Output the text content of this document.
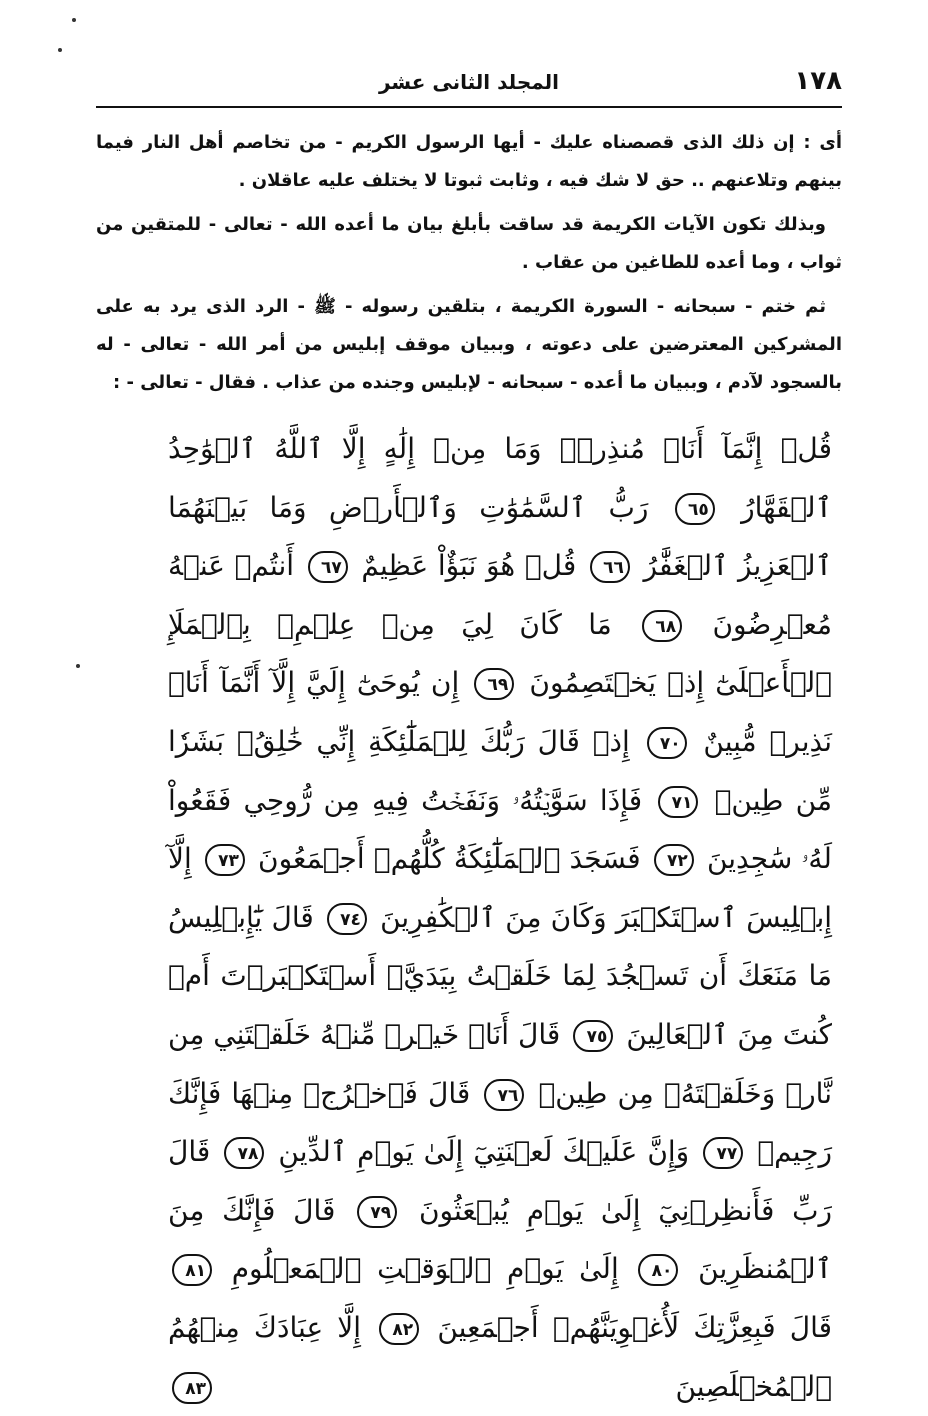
١٧٨
المجلد الثانى عشر

أى : إن ذلك الذى قصصناه عليك - أيها الرسول الكريم - من تخاصم أهل النار فيما بينهم وتلاعنهم .. حق لا شك فيه ، وثابت ثبوتا لا يختلف عليه عاقلان .

وبذلك تكون الآيات الكريمة قد ساقت بأبلغ بيان ما أعده الله - تعالى - للمتقين من ثواب ، وما أعده للطاغين من عقاب .

ثم ختم - سبحانه - السورة الكريمة ، بتلقين رسوله - ﷺ - الرد الذى يرد به على المشركين المعترضين على دعوته ، وببيان موقف إبليس من أمر الله - تعالى - له بالسجود لآدم ، وببيان ما أعده - سبحانه - لإبليس وجنده من عذاب . فقال - تعالى - :

قُلۡ إِنَّمَآ أَنَا۠ مُنذِرٞۖ وَمَا مِنۡ إِلَٰهٍ إِلَّا ٱللَّهُ ٱلۡوَٰحِدُ ٱلۡقَهَّارُ ٦٥ رَبُّ ٱلسَّمَٰوَٰتِ وَٱلۡأَرۡضِ وَمَا بَيۡنَهُمَا ٱلۡعَزِيزُ ٱلۡغَفَّٰرُ ٦٦ قُلۡ هُوَ نَبَؤٌاْ عَظِيمٌ ٦٧ أَنتُمۡ عَنۡهُ مُعۡرِضُونَ ٦٨ مَا كَانَ لِيَ مِنۡ عِلۡمِۭ بِٱلۡمَلَإِ ٱلۡأَعۡلَىٰٓ إِذۡ يَخۡتَصِمُونَ ٦٩ إِن يُوحَىٰٓ إِلَيَّ إِلَّآ أَنَّمَآ أَنَا۠ نَذِيرٞ مُّبِينٌ ٧٠ إِذۡ قَالَ رَبُّكَ لِلۡمَلَٰٓئِكَةِ إِنِّي خَٰلِقُۢ بَشَرٗا مِّن طِينٖ ٧١ فَإِذَا سَوَّيۡتُهُۥ وَنَفَخۡتُ فِيهِ مِن رُّوحِي فَقَعُواْ لَهُۥ سَٰجِدِينَ ٧٢ فَسَجَدَ ٱلۡمَلَٰٓئِكَةُ كُلُّهُمۡ أَجۡمَعُونَ ٧٣ إِلَّآ إِبۡلِيسَ ٱسۡتَكۡبَرَ وَكَانَ مِنَ ٱلۡكَٰفِرِينَ ٧٤ قَالَ يَٰٓإِبۡلِيسُ مَا مَنَعَكَ أَن تَسۡجُدَ لِمَا خَلَقۡتُ بِيَدَيَّۖ أَسۡتَكۡبَرۡتَ أَمۡ كُنتَ مِنَ ٱلۡعَالِينَ ٧٥ قَالَ أَنَا۠ خَيۡرٞ مِّنۡهُ خَلَقۡتَنِي مِن نَّارٖ وَخَلَقۡتَهُۥ مِن طِينٖ ٧٦ قَالَ فَٱخۡرُجۡ مِنۡهَا فَإِنَّكَ رَجِيمٞ ٧٧ وَإِنَّ عَلَيۡكَ لَعۡنَتِيٓ إِلَىٰ يَوۡمِ ٱلدِّينِ ٧٨ قَالَ رَبِّ فَأَنظِرۡنِيٓ إِلَىٰ يَوۡمِ يُبۡعَثُونَ ٧٩ قَالَ فَإِنَّكَ مِنَ ٱلۡمُنظَرِينَ ٨٠ إِلَىٰ يَوۡمِ ٱلۡوَقۡتِ ٱلۡمَعۡلُومِ ٨١ قَالَ فَبِعِزَّتِكَ لَأُغۡوِيَنَّهُمۡ أَجۡمَعِينَ ٨٢ إِلَّا عِبَادَكَ مِنۡهُمُ ٱلۡمُخۡلَصِينَ ٨٣
